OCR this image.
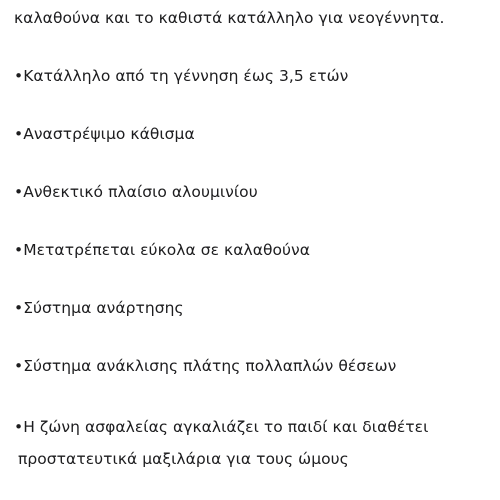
καλαθούνα και το καθιστά κατάλληλο για νεογέννητα.
•Κατάλληλο από τη γέννηση έως 3,5 ετών
•Αναστρέψιμο κάθισμα
•Ανθεκτικό πλαίσιο αλουμινίου
•Μετατρέπεται εύκολα σε καλαθούνα
•Σύστημα ανάρτησης
•Σύστημα ανάκλισης πλάτης πολλαπλών θέσεων
•Η ζώνη ασφαλείας αγκαλιάζει το παιδί και διαθέτει
προστατευτικά μαξιλάρια για τους ώμους
